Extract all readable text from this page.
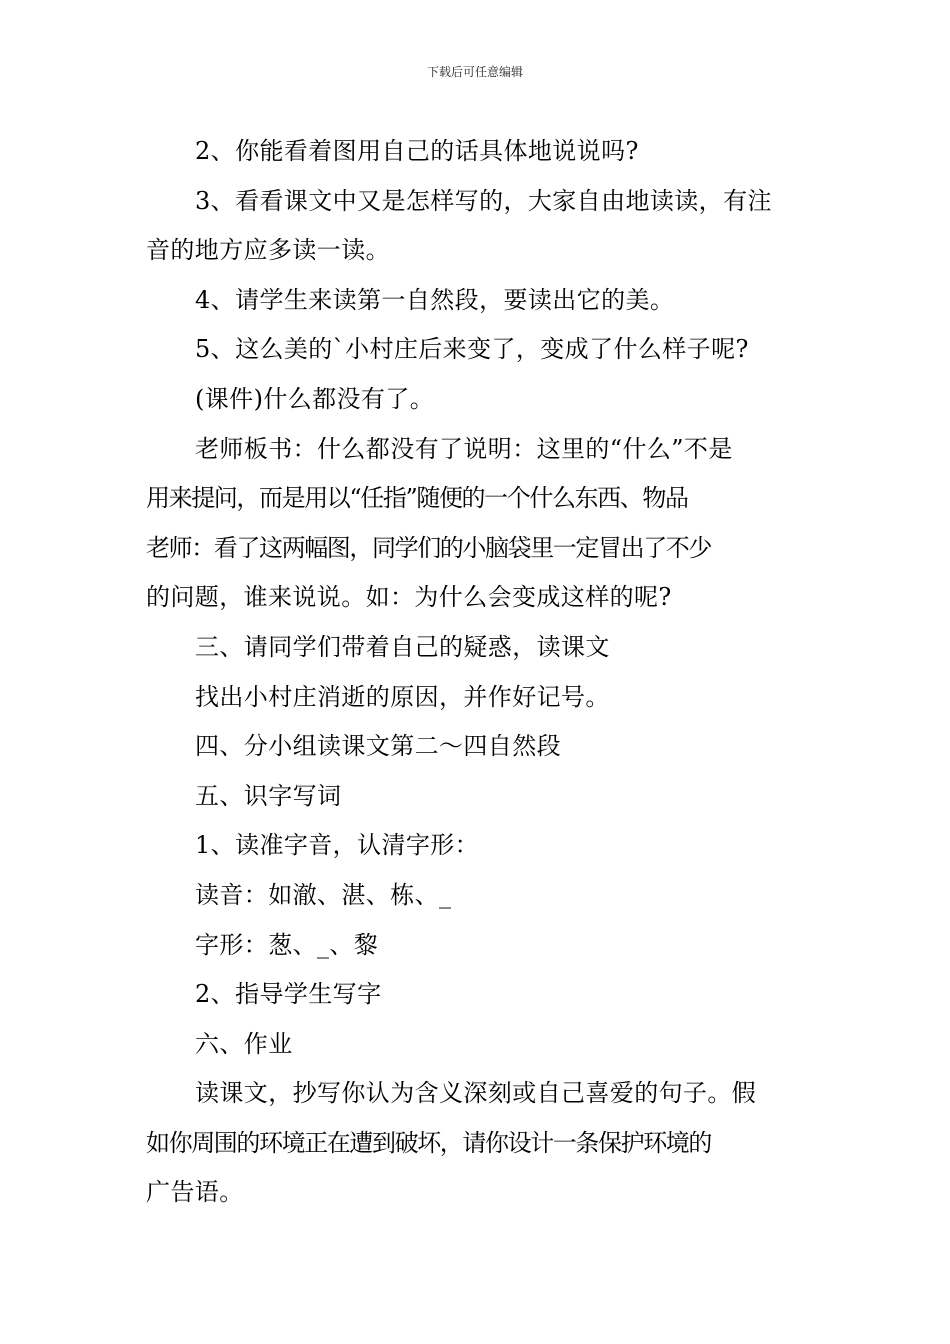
下载后可任意编辑
2、你能看着图用自己的话具体地说说吗?
3、看看课文中又是怎样写的，大家自由地读读，有注
音的地方应多读一读。
4、请学生来读第一自然段，要读出它的美。
5、这么美的`小村庄后来变了，变成了什么样子呢?
(课件)什么都没有了。
老师板书：什么都没有了说明：这里的“什么”不是
用来提问，而是用以“任指”随便的一个什么东西、物品
老师：看了这两幅图，同学们的小脑袋里一定冒出了不少
的问题，谁来说说。如：为什么会变成这样的呢?
三、请同学们带着自己的疑惑，读课文
找出小村庄消逝的原因，并作好记号。
四、分小组读课文第二～四自然段
五、识字写词
1、读准字音，认清字形：
读音：如澈、湛、栋、_
字形：葱、_、黎
2、指导学生写字
六、作业
读课文，抄写你认为含义深刻或自己喜爱的句子。假
如你周围的环境正在遭到破坏，请你设计一条保护环境的
广告语。
